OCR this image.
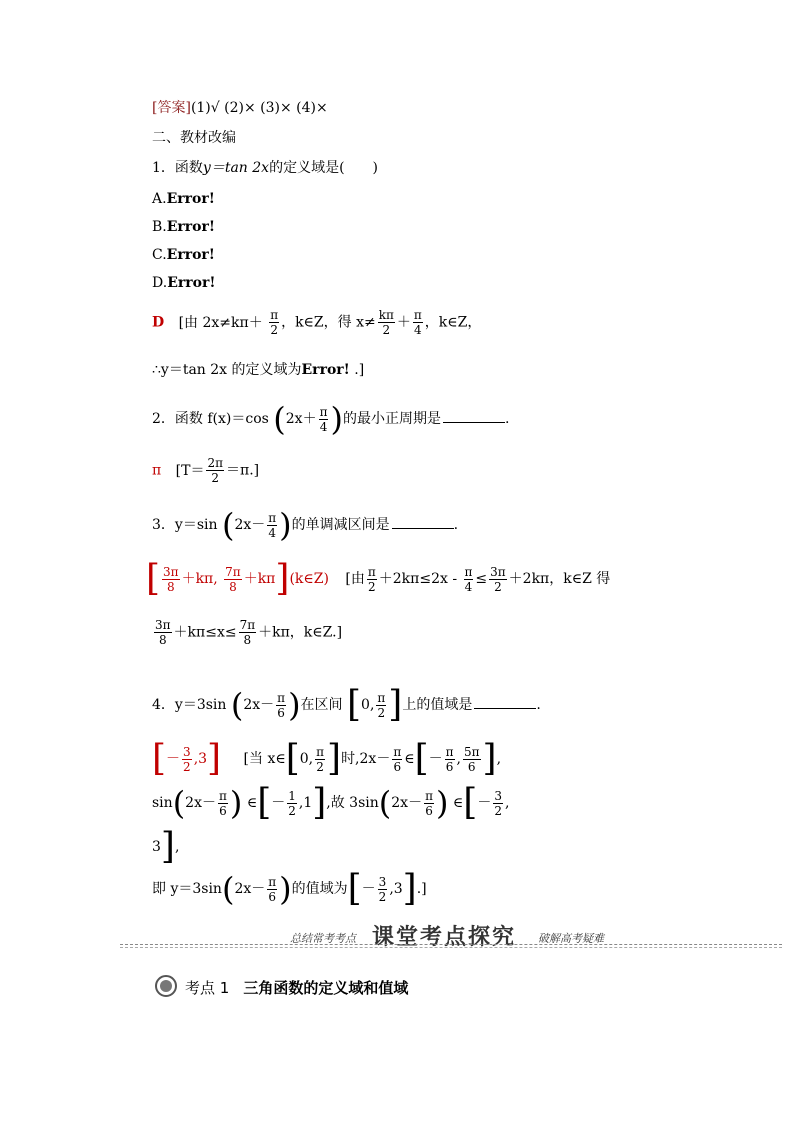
[答案](1)√ (2)× (3)× (4)×
二、教材改编
1．函数y＝tan 2x的定义域是(　　)
A.Error!
B.Error!
C.Error!
D.Error!
D [由 $2x\ne k\pi+ \frac{\pi}{2}$ ，k∈Z，得 $x\ne \frac{k\pi}{2} + \frac{\pi}{4}$ ，k∈Z，
∴y＝tan 2x 的定义域为Error! .]
2．函数 f(x)＝cos ($2x+ \frac{\pi}{4}$ )的最小正周期是	.
π $[T= \frac{2\pi}{2} =\pi.]$
3．y＝sin ($2x- \frac{\pi}{4}$ )的单调减区间是	.
[ $\frac{3\pi}{8} +k\pi$, $\frac{7\pi}{8}$ ＋kπ](k∈Z) [由 $\frac{\pi}{2} +2k\pi\le 2x - \frac{\pi}{4} \le \frac{3\pi}{2} +2k\pi$，k∈Z 得
$\frac{3\pi}{8} +k\pi\le x\le \frac{7\pi}{8} +k\pi$，k∈Z.]
4．y＝3sin ($2x- \frac{\pi}{6}$ )在区间 [0, $\frac{\pi}{2}$ ]上的值域是	.
[－ $\frac{3}{2} ,3$] [当 x∈[0, $\frac{\pi}{2}$ ]时$,2x- \frac{\pi}{6}$ ∈[－ $\frac{\pi}{6}$ , $\frac{5\pi}{6}$ ],
$\sin(2x- \frac{\pi}{6}$ ) ∈[－ $\frac{1}{2} ,1$],故 $3\sin(2x- \frac{\pi}{6}$ ) ∈[－ $\frac{3}{2}$ ,
3],
即 $y=3\sin(2x- \frac{\pi}{6}$ )的值域为[－ $\frac{3}{2} ,3$].]
总结常考考点 课堂考点探究 破解高考疑难
考点 1 三角函数的定义域和值域
